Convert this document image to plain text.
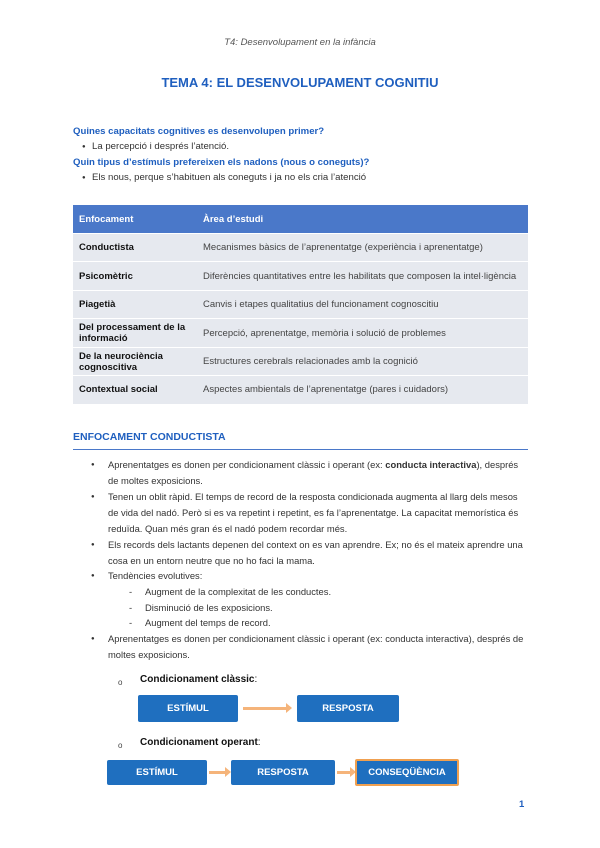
T4: Desenvolupament en la infància
TEMA 4: EL DESENVOLUPAMENT COGNITIU
Quines capacitats cognitives es desenvolupen primer?
● La percepció i després l’atenció.
Quin tipus d’estímuls prefereixen els nadons (nous o coneguts)?
● Els nous, perque s’habituen als coneguts i ja no els cria l’atenció
Enfocament	Àrea d’estudi
Conductista	Mecanismes bàsics de l’aprenentatge (experiència i aprenentatge)
Psicomètric	Diferències quantitatives entre les habilitats que composen la intel·ligència
Piagetià	Canvis i etapes qualitatius del funcionament cognoscitiu
Del processament de la informació	Percepció, aprenentatge, memòria i solució de problemes
De la neurociència cognoscitiva	Estructures cerebrals relacionades amb la cognició
Contextual social	Aspectes ambientals de l’aprenentatge (pares i cuidadors)
ENFOCAMENT CONDUCTISTA
● Aprenentatges es donen per condicionament clàssic i operant (ex: conducta interactiva), després de moltes exposicions.
● Tenen un oblit ràpid. El temps de record de la resposta condicionada augmenta al llarg dels mesos de vida del nadó. Però si es va repetint i repetint, es fa l’aprenentatge. La capacitat memorística és reduïda. Quan més gran és el nadó podem recordar més.
● Els records dels lactants depenen del context on es van aprendre. Ex; no és el mateix aprendre una cosa en un entorn neutre que no ho faci la mama.
● Tendències evolutives:
- Augment de la complexitat de les conductes.
- Disminució de les exposicions.
- Augment del temps de record.
● Aprenentatges es donen per condicionament clàssic i operant (ex: conducta interactiva), després de moltes exposicions.
o Condicionament clàssic:
ESTÍMUL	RESPOSTA
o Condicionament operant:
ESTÍMUL	RESPOSTA	CONSEQÜÈNCIA
1
